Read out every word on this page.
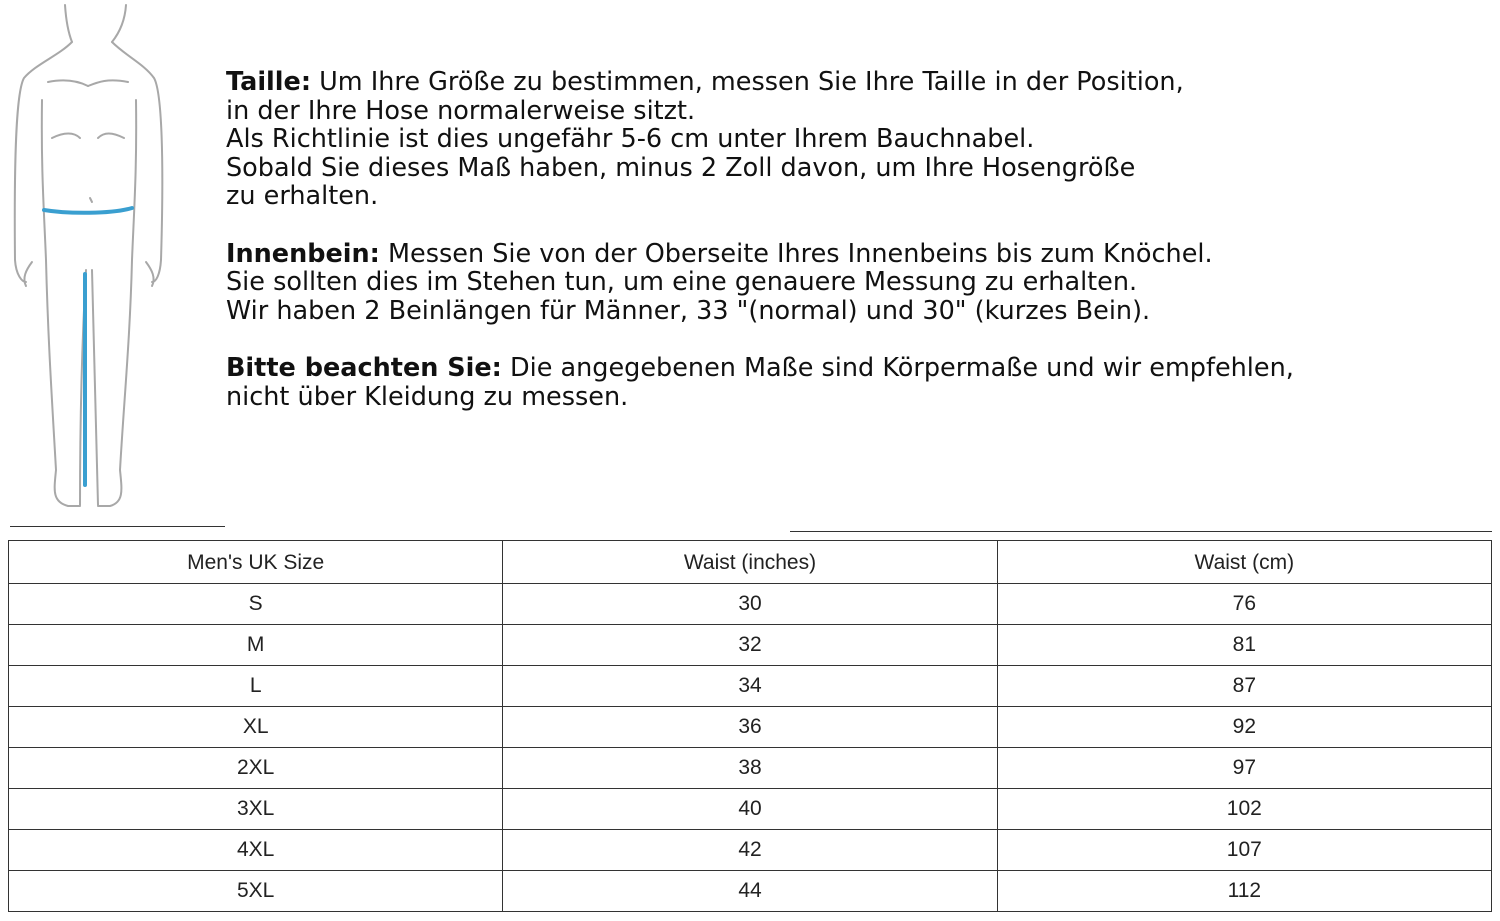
Taille: Um Ihre Größe zu bestimmen, messen Sie Ihre Taille in der Position,
in der Ihre Hose normalerweise sitzt.
Als Richtlinie ist dies ungefähr 5-6 cm unter Ihrem Bauchnabel.
Sobald Sie dieses Maß haben, minus 2 Zoll davon, um Ihre Hosengröße
zu erhalten.

Innenbein: Messen Sie von der Oberseite Ihres Innenbeins bis zum Knöchel.
Sie sollten dies im Stehen tun, um eine genauere Messung zu erhalten.
Wir haben 2 Beinlängen für Männer, 33 "(normal) und 30" (kurzes Bein).

Bitte beachten Sie: Die angegebenen Maße sind Körpermaße und wir empfehlen,
nicht über Kleidung zu messen.

Men's UK Size	Waist (inches)	Waist (cm)
S	30	76
M	32	81
L	34	87
XL	36	92
2XL	38	97
3XL	40	102
4XL	42	107
5XL	44	112
